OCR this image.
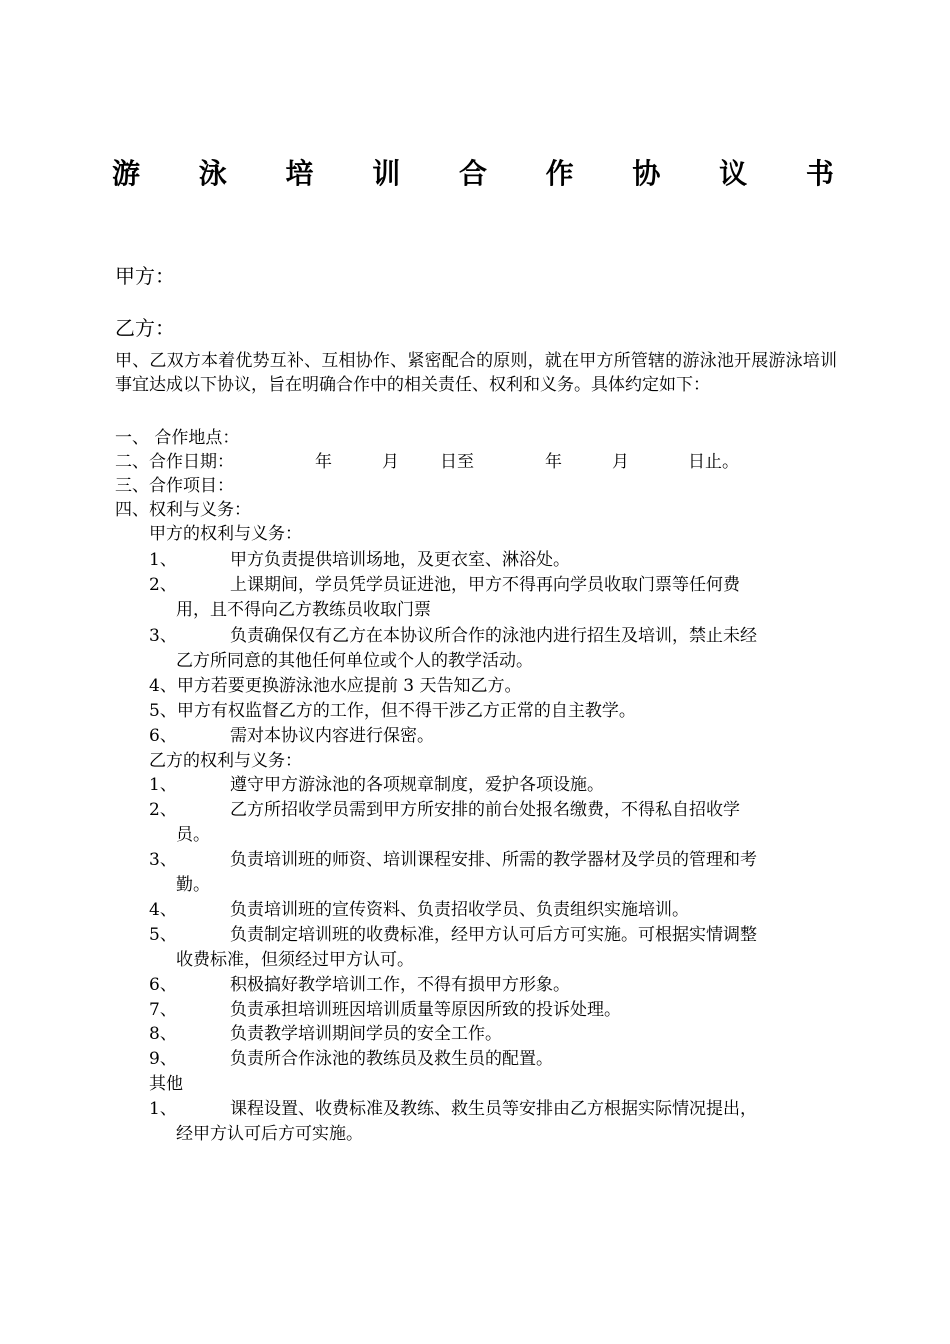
游 泳 培 训 合 作 协 议 书
甲方：
乙方：
甲、乙双方本着优势互补、互相协作、紧密配合的原则，就在甲方所管辖的游泳池开展游泳培训事宜达成以下协议，旨在明确合作中的相关责任、权利和义务。具体约定如下：
一、 合作地点：
二、合作日期：	年	月 日至	年	月	日止。
三、合作项目：
四、权利与义务：
甲方的权利与义务：
1、	甲方负责提供培训场地，及更衣室、淋浴处。
2、	上课期间，学员凭学员证进池，甲方不得再向学员收取门票等任何费
用，且不得向乙方教练员收取门票
3、	负责确保仅有乙方在本协议所合作的泳池内进行招生及培训，禁止未经
乙方所同意的其他任何单位或个人的教学活动。
4、甲方若要更换游泳池水应提前 3 天告知乙方。
5、甲方有权监督乙方的工作，但不得干涉乙方正常的自主教学。
6、	需对本协议内容进行保密。
乙方的权利与义务：
1、	遵守甲方游泳池的各项规章制度，爱护各项设施。
2、	乙方所招收学员需到甲方所安排的前台处报名缴费，不得私自招收学
员。
3、	负责培训班的师资、培训课程安排、所需的教学器材及学员的管理和考
勤。
4、	负责培训班的宣传资料、负责招收学员、负责组织实施培训。
5、	负责制定培训班的收费标准，经甲方认可后方可实施。可根据实情调整
收费标准，但须经过甲方认可。
6、	积极搞好教学培训工作，不得有损甲方形象。
7、	负责承担培训班因培训质量等原因所致的投诉处理。
8、	负责教学培训期间学员的安全工作。
9、	负责所合作泳池的教练员及救生员的配置。
其他
1、	课程设置、收费标准及教练、救生员等安排由乙方根据实际情况提出，
经甲方认可后方可实施。
